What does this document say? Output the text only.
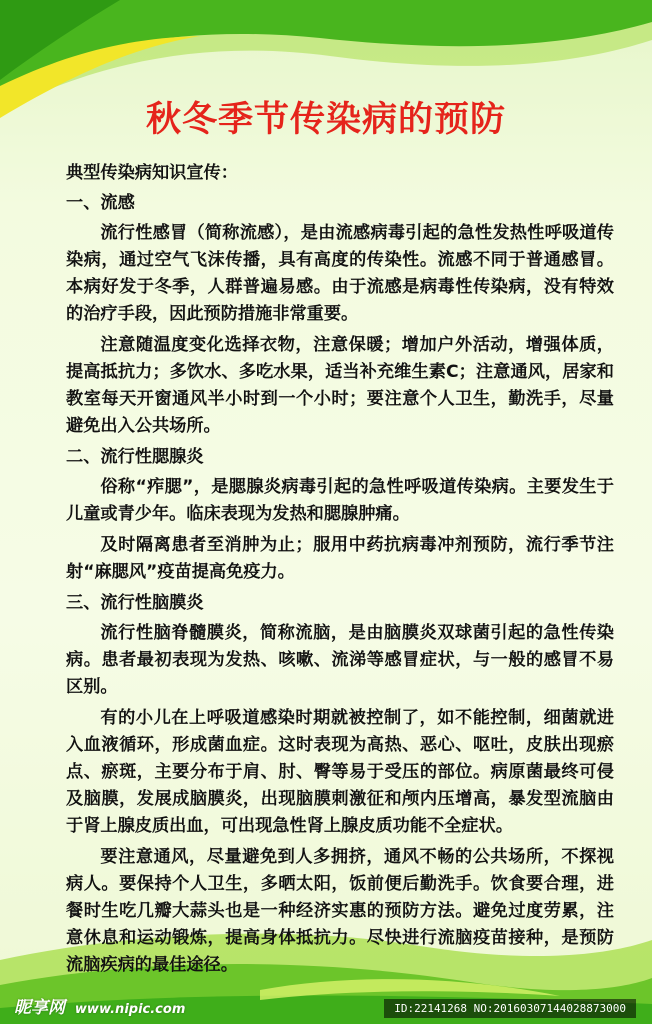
秋冬季节传染病的预防

典型传染病知识宣传：

一、流感

流行性感冒（简称流感），是由流感病毒引起的急性发热性呼吸道传染病，通过空气飞沫传播，具有高度的传染性。流感不同于普通感冒。本病好发于冬季，人群普遍易感。由于流感是病毒性传染病，没有特效的治疗手段，因此预防措施非常重要。

注意随温度变化选择衣物，注意保暖；增加户外活动，增强体质，提高抵抗力；多饮水、多吃水果，适当补充维生素C；注意通风，居家和教室每天开窗通风半小时到一个小时；要注意个人卫生，勤洗手，尽量避免出入公共场所。

二、流行性腮腺炎

俗称“痄腮”，是腮腺炎病毒引起的急性呼吸道传染病。主要发生于儿童或青少年。临床表现为发热和腮腺肿痛。

及时隔离患者至消肿为止；服用中药抗病毒冲剂预防，流行季节注射“麻腮风”疫苗提高免疫力。

三、流行性脑膜炎

流行性脑脊髓膜炎，简称流脑，是由脑膜炎双球菌引起的急性传染病。患者最初表现为发热、咳嗽、流涕等感冒症状，与一般的感冒不易区别。

有的小儿在上呼吸道感染时期就被控制了，如不能控制，细菌就进入血液循环，形成菌血症。这时表现为高热、恶心、呕吐，皮肤出现瘀点、瘀斑，主要分布于肩、肘、臀等易于受压的部位。病原菌最终可侵及脑膜，发展成脑膜炎，出现脑膜刺激征和颅内压增高，暴发型流脑由于肾上腺皮质出血，可出现急性肾上腺皮质功能不全症状。

要注意通风，尽量避免到人多拥挤，通风不畅的公共场所，不探视病人。要保持个人卫生，多晒太阳，饭前便后勤洗手。饮食要合理，进餐时生吃几瓣大蒜头也是一种经济实惠的预防方法。避免过度劳累，注意休息和运动锻炼，提高身体抵抗力。尽快进行流脑疫苗接种，是预防流脑疾病的最佳途径。

昵享网 www.nipic.com	ID:22141268 NO:20160307144028873000
